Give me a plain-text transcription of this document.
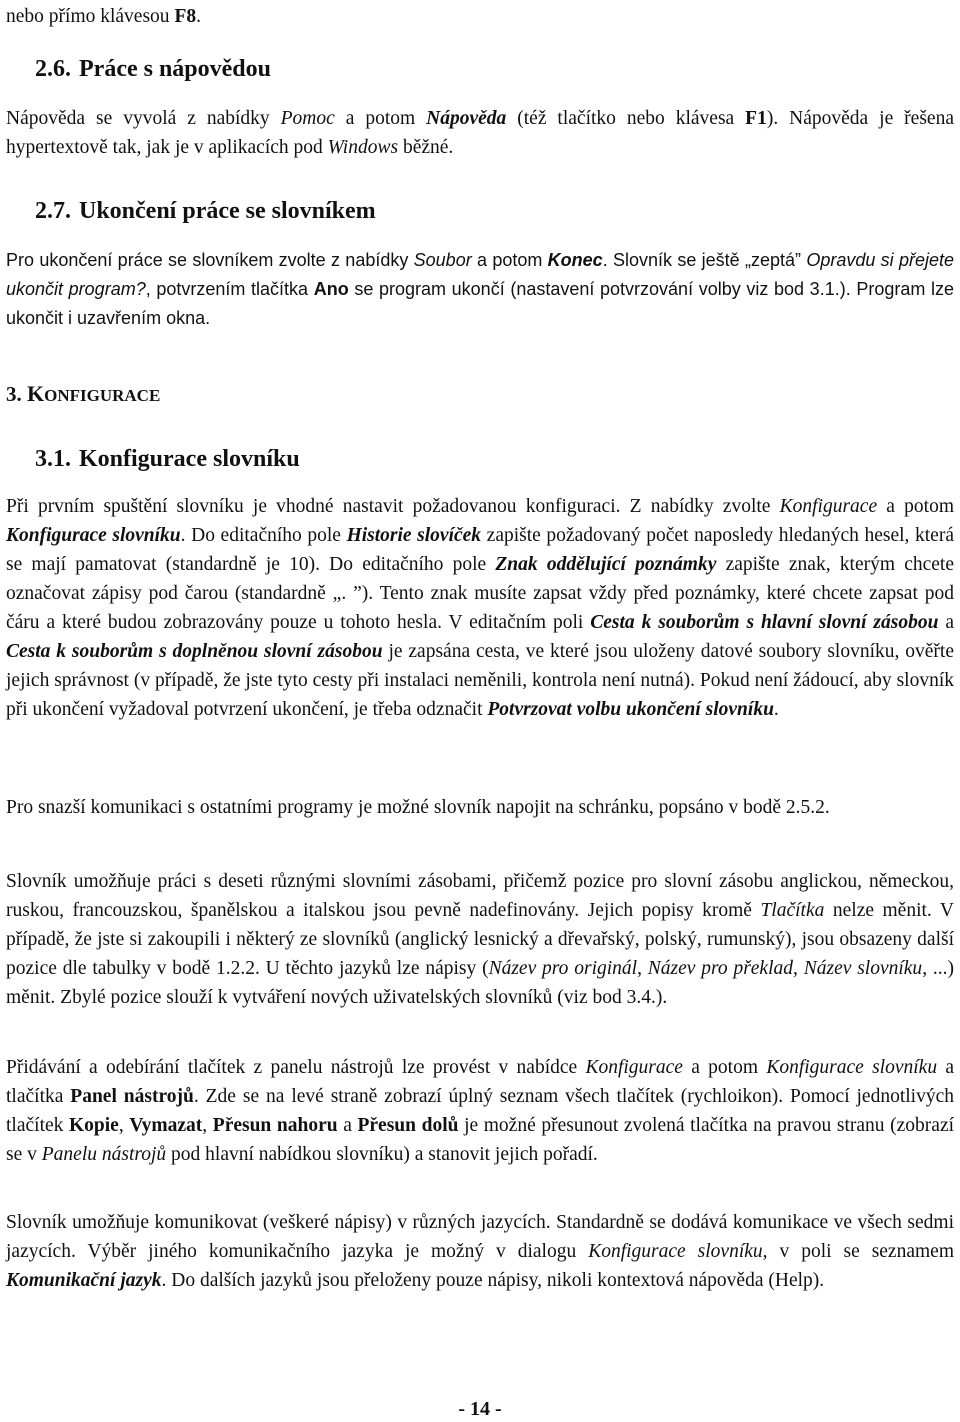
nebo přímo klávesou F8.

2.6. Práce s nápovědou

Nápověda se vyvolá z nabídky Pomoc a potom Nápověda (též tlačítko nebo klávesa F1). Nápověda je řešena hypertextově tak, jak je v aplikacích pod Windows běžné.

2.7. Ukončení práce se slovníkem

Pro ukončení práce se slovníkem zvolte z nabídky Soubor a potom Konec. Slovník se ještě „zeptá” Opravdu si přejete ukončit program?, potvrzením tlačítka Ano se program ukončí (nastavení potvrzování volby viz bod 3.1.). Program lze ukončit i uzavřením okna.

3. KONFIGURACE
3.1. Konfigurace slovníku

Při prvním spuštění slovníku je vhodné nastavit požadovanou konfiguraci. Z nabídky zvolte Konfigurace a potom Konfigurace slovníku. Do editačního pole Historie slovíček zapište požadovaný počet naposledy hledaných hesel, která se mají pamatovat (standardně je 10). Do editačního pole Znak oddělující poznámky zapište znak, kterým chcete označovat zápisy pod čarou (standardně „. ”). Tento znak musíte zapsat vždy před poznámky, které chcete zapsat pod čáru a které budou zobrazovány pouze u tohoto hesla. V editačním poli Cesta k souborům s hlavní slovní zásobou a Cesta k souborům s doplněnou slovní zásobou je zapsána cesta, ve které jsou uloženy datové soubory slovníku, ověřte jejich správnost (v případě, že jste tyto cesty při instalaci neměnili, kontrola není nutná). Pokud není žádoucí, aby slovník při ukončení vyžadoval potvrzení ukončení, je třeba odznačit Potvrzovat volbu ukončení slovníku.

Pro snazší komunikaci s ostatními programy je možné slovník napojit na schránku, popsáno v bodě 2.5.2.

Slovník umožňuje práci s deseti různými slovními zásobami, přičemž pozice pro slovní zásobu anglickou, německou, ruskou, francouzskou, španělskou a italskou jsou pevně nadefinovány. Jejich popisy kromě Tlačítka nelze měnit. V případě, že jste si zakoupili i některý ze slovníků (anglický lesnický a dřevařský, polský, rumunský), jsou obsazeny další pozice dle tabulky v bodě 1.2.2. U těchto jazyků lze nápisy (Název pro originál, Název pro překlad, Název slovníku, ...) měnit. Zbylé pozice slouží k vytváření nových uživatelských slovníků (viz bod 3.4.).

Přidávání a odebírání tlačítek z panelu nástrojů lze provést v nabídce Konfigurace a potom Konfigurace slovníku a tlačítka Panel nástrojů. Zde se na levé straně zobrazí úplný seznam všech tlačítek (rychloikon). Pomocí jednotlivých tlačítek Kopie, Vymazat, Přesun nahoru a Přesun dolů je možné přesunout zvolená tlačítka na pravou stranu (zobrazí se v Panelu nástrojů pod hlavní nabídkou slovníku) a stanovit jejich pořadí.

Slovník umožňuje komunikovat (veškeré nápisy) v různých jazycích. Standardně se dodává komunikace ve všech sedmi jazycích. Výběr jiného komunikačního jazyka je možný v dialogu Konfigurace slovníku, v poli se seznamem Komunikační jazyk. Do dalších jazyků jsou přeloženy pouze nápisy, nikoli kontextová nápověda (Help).

- 14 -
